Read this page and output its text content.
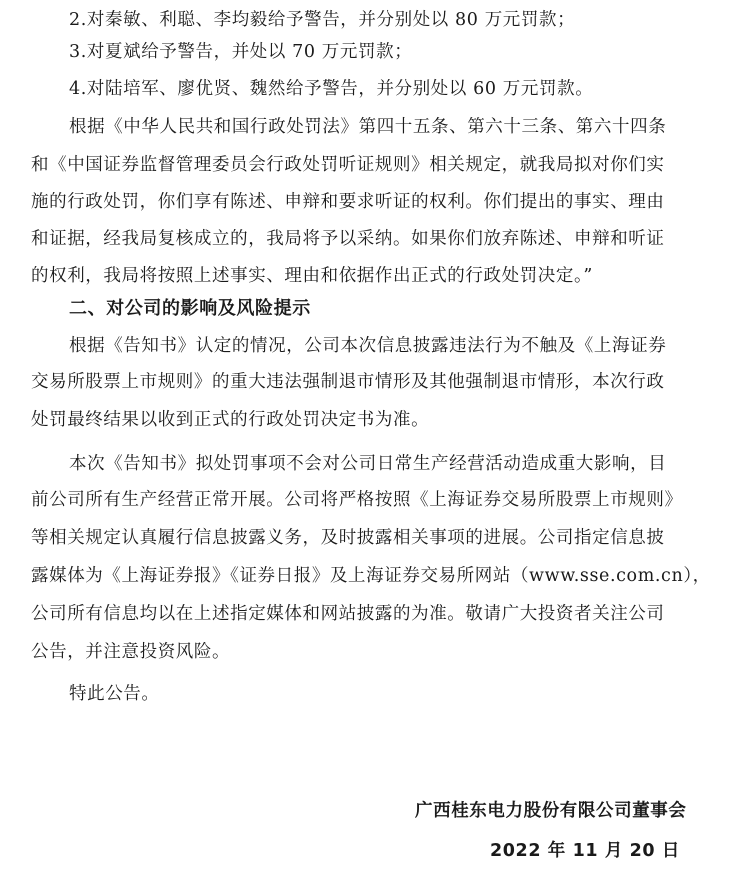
2.对秦敏、利聪、李均毅给予警告，并分别处以 80 万元罚款；
3.对夏斌给予警告，并处以 70 万元罚款；
4.对陆培军、廖优贤、魏然给予警告，并分别处以 60 万元罚款。
根据《中华人民共和国行政处罚法》第四十五条、第六十三条、第六十四条
和《中国证券监督管理委员会行政处罚听证规则》相关规定，就我局拟对你们实
施的行政处罚，你们享有陈述、申辩和要求听证的权利。你们提出的事实、理由
和证据，经我局复核成立的，我局将予以采纳。如果你们放弃陈述、申辩和听证
的权利，我局将按照上述事实、理由和依据作出正式的行政处罚决定。”
二、对公司的影响及风险提示
根据《告知书》认定的情况，公司本次信息披露违法行为不触及《上海证券
交易所股票上市规则》的重大违法强制退市情形及其他强制退市情形，本次行政
处罚最终结果以收到正式的行政处罚决定书为准。
本次《告知书》拟处罚事项不会对公司日常生产经营活动造成重大影响，目
前公司所有生产经营正常开展。公司将严格按照《上海证券交易所股票上市规则》
等相关规定认真履行信息披露义务，及时披露相关事项的进展。公司指定信息披
露媒体为《上海证券报》《证券日报》及上海证券交易所网站（www.sse.com.cn），
公司所有信息均以在上述指定媒体和网站披露的为准。敬请广大投资者关注公司
公告，并注意投资风险。
特此公告。
广西桂东电力股份有限公司董事会
2022 年 11 月 20 日
